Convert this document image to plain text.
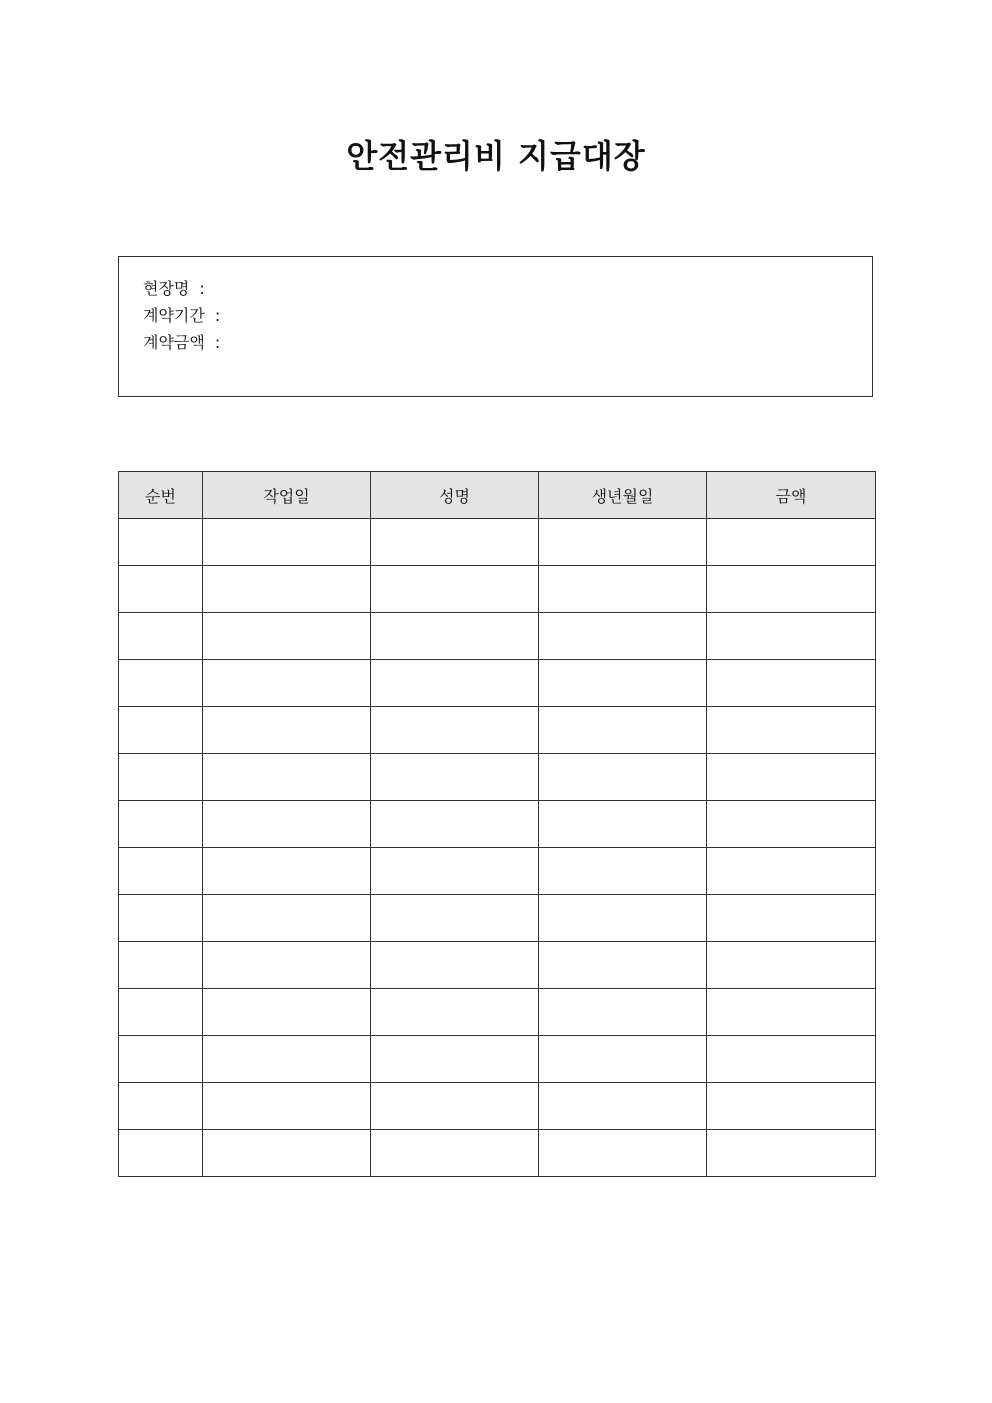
안전관리비 지급대장
현장명 :
계약기간 :
계약금액 :
순번	작업일	성명	생년월일	금액
